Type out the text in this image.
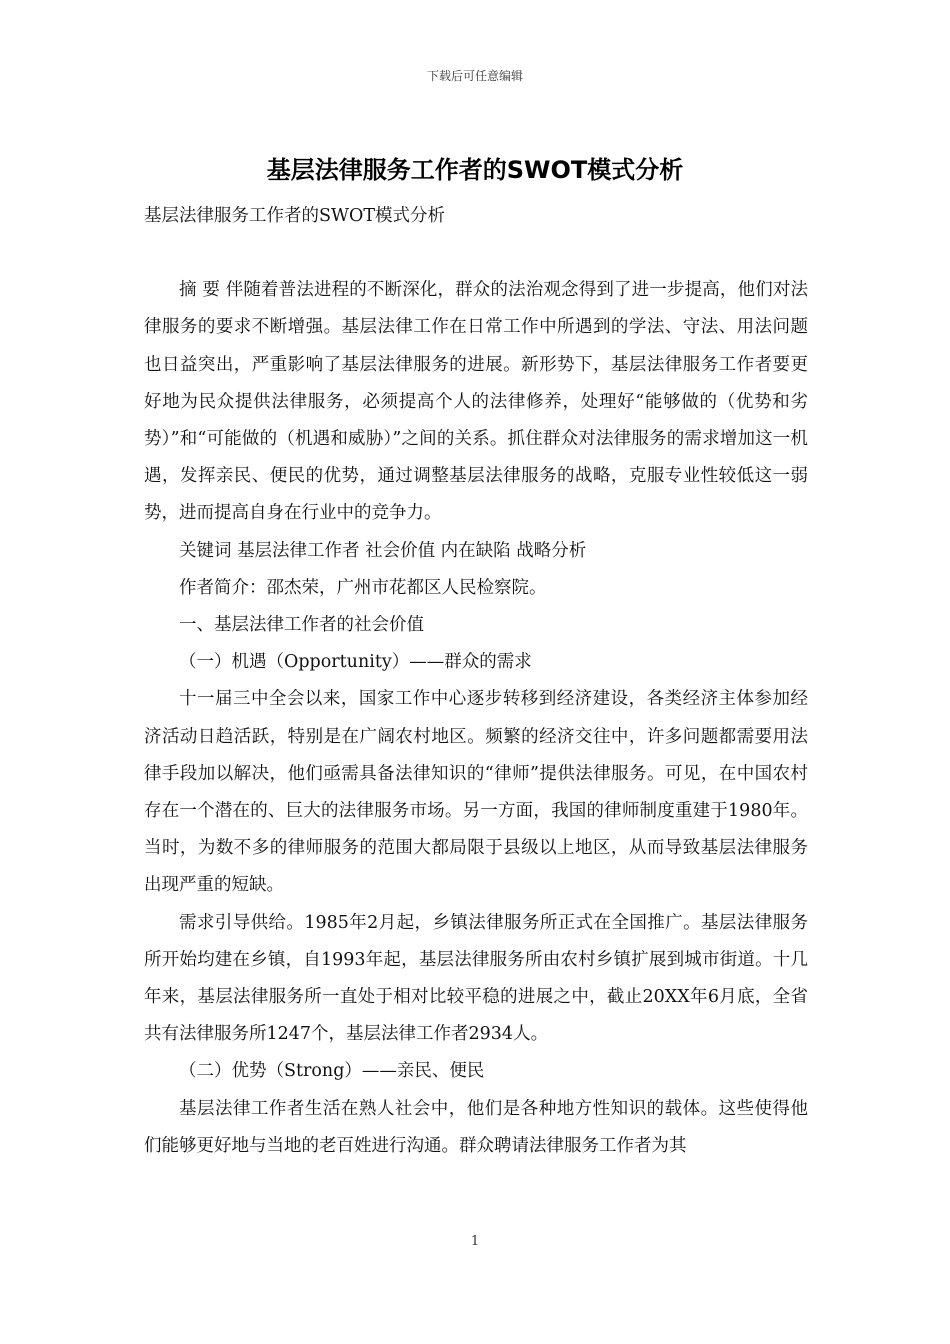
下载后可任意编辑
基层法律服务工作者的SWOT模式分析

基层法律服务工作者的SWOT模式分析

摘 要 伴随着普法进程的不断深化，群众的法治观念得到了进一步提高，他们对法律服务的要求不断增强。基层法律工作在日常工作中所遇到的学法、守法、用法问题也日益突出，严重影响了基层法律服务的进展。新形势下，基层法律服务工作者要更好地为民众提供法律服务，必须提高个人的法律修养，处理好“能够做的（优势和劣势）”和“可能做的（机遇和威胁）”之间的关系。抓住群众对法律服务的需求增加这一机遇，发挥亲民、便民的优势，通过调整基层法律服务的战略，克服专业性较低这一弱势，进而提高自身在行业中的竞争力。

关键词 基层法律工作者 社会价值 内在缺陷 战略分析

作者简介：邵杰荣，广州市花都区人民检察院。

一、基层法律工作者的社会价值

（一）机遇（Opportunity）——群众的需求

十一届三中全会以来，国家工作中心逐步转移到经济建设，各类经济主体参加经济活动日趋活跃，特别是在广阔农村地区。频繁的经济交往中，许多问题都需要用法律手段加以解决，他们亟需具备法律知识的“律师”提供法律服务。可见，在中国农村存在一个潜在的、巨大的法律服务市场。另一方面，我国的律师制度重建于1980年。当时，为数不多的律师服务的范围大都局限于县级以上地区，从而导致基层法律服务出现严重的短缺。

需求引导供给。1985年2月起，乡镇法律服务所正式在全国推广。基层法律服务所开始均建在乡镇，自1993年起，基层法律服务所由农村乡镇扩展到城市街道。十几年来，基层法律服务所一直处于相对比较平稳的进展之中，截止20XX年6月底，全省共有法律服务所1247个，基层法律工作者2934人。

（二）优势（Strong）——亲民、便民

基层法律工作者生活在熟人社会中，他们是各种地方性知识的载体。这些使得他们能够更好地与当地的老百姓进行沟通。群众聘请法律服务工作者为其

1
